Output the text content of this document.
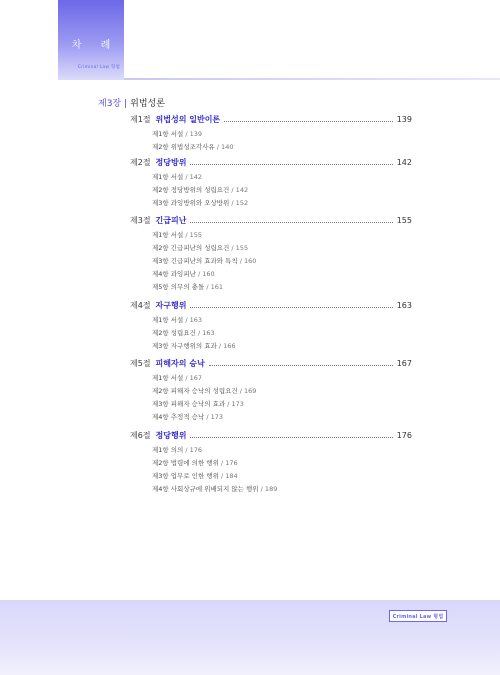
차 례
Criminal Law 형법
제3장 | 위법성론
제1절 위법성의 일반이론	139
제1항 서설 / 139
제2항 위법성조각사유 / 140
제2절 정당방위	142
제1항 서설 / 142
제2항 정당방위의 성립요건 / 142
제3항 과잉방위와 오상방위 / 152
제3절 긴급피난	155
제1항 서설 / 155
제2항 긴급피난의 성립요건 / 155
제3항 긴급피난의 효과와 특칙 / 160
제4항 과잉피난 / 160
제5항 의무의 충돌 / 161
제4절 자구행위	163
제1항 서설 / 163
제2항 성립요건 / 163
제3항 자구행위의 효과 / 166
제5절 피해자의 승낙	167
제1항 서설 / 167
제2항 피해자 승낙의 성립요건 / 169
제3항 피해자 승낙의 효과 / 173
제4항 추정적 승낙 / 173
제6절 정당행위	176
제1항 의의 / 176
제2항 법령에 의한 행위 / 176
제3항 업무로 인한 행위 / 184
제4항 사회상규에 위배되지 않는 행위 / 189
Criminal Law 형법
